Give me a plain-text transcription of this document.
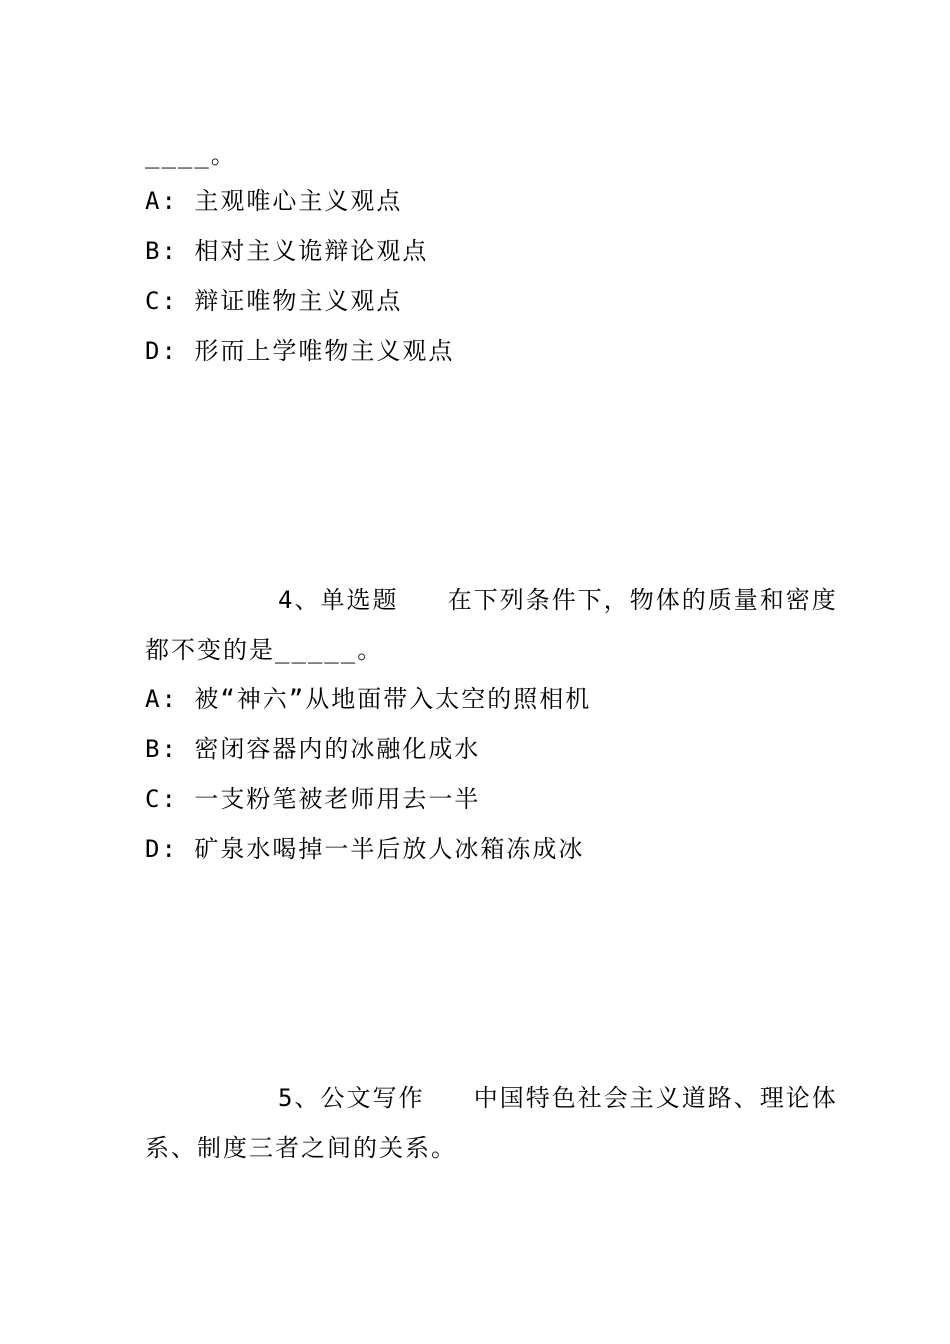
____。
A: 主观唯心主义观点
B: 相对主义诡辩论观点
C: 辩证唯物主义观点
D: 形而上学唯物主义观点
4、单选题   在下列条件下，物体的质量和密度
都不变的是_____。
A: 被“神六”从地面带入太空的照相机
B: 密闭容器内的冰融化成水
C: 一支粉笔被老师用去一半
D: 矿泉水喝掉一半后放人冰箱冻成冰
5、公文写作   中国特色社会主义道路、理论体
系、制度三者之间的关系。
